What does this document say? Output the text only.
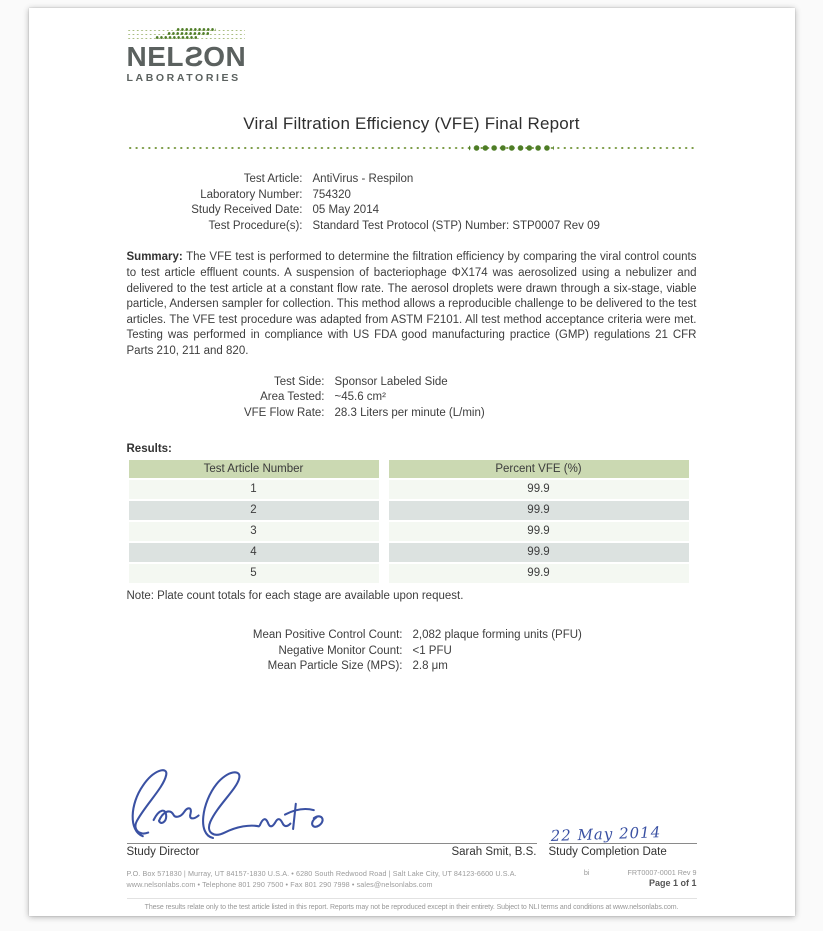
NELSON
LABORATORIES
Viral Filtration Efficiency (VFE) Final Report
Test Article: AntiVirus - Respilon
Laboratory Number: 754320
Study Received Date: 05 May 2014
Test Procedure(s): Standard Test Protocol (STP) Number: STP0007 Rev 09
Summary: The VFE test is performed to determine the filtration efficiency by comparing the viral control counts to test article effluent counts. A suspension of bacteriophage ΦX174 was aerosolized using a nebulizer and delivered to the test article at a constant flow rate. The aerosol droplets were drawn through a six-stage, viable particle, Andersen sampler for collection. This method allows a reproducible challenge to be delivered to the test articles. The VFE test procedure was adapted from ASTM F2101. All test method acceptance criteria were met. Testing was performed in compliance with US FDA good manufacturing practice (GMP) regulations 21 CFR Parts 210, 211 and 820.
Test Side: Sponsor Labeled Side
Area Tested: ~45.6 cm²
VFE Flow Rate: 28.3 Liters per minute (L/min)
Results:
Test Article Number	Percent VFE (%)
1	99.9
2	99.9
3	99.9
4	99.9
5	99.9
Note: Plate count totals for each stage are available upon request.
Mean Positive Control Count: 2,082 plaque forming units (PFU)
Negative Monitor Count: <1 PFU
Mean Particle Size (MPS): 2.8 μm
Study Director	Sarah Smit, B.S.
22 May 2014
Study Completion Date
P.O. Box 571830 | Murray, UT 84157-1830 U.S.A. • 6280 South Redwood Road | Salt Lake City, UT 84123-6600 U.S.A.
www.nelsonlabs.com • Telephone 801 290 7500 • Fax 801 290 7998 • sales@nelsonlabs.com
bi	FRT0007-0001 Rev 9
Page 1 of 1
These results relate only to the test article listed in this report. Reports may not be reproduced except in their entirety. Subject to NLI terms and conditions at www.nelsonlabs.com.
